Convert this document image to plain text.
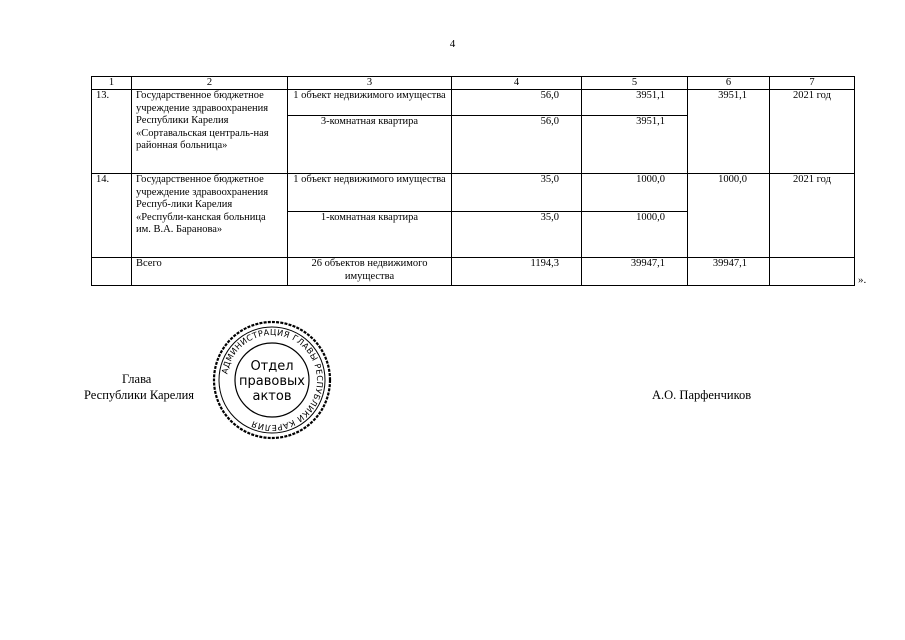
4
1	2	3	4	5	6	7
13.	Государственное бюджетное учреждение здравоохранения Республики Карелия «Сортавальская централь-ная районная больница»	1 объект недвижимого имущества	56,0	3951,1	3951,1	2021 год
		3-комнатная квартира	56,0	3951,1		
14.	Государственное бюджетное учреждение здравоохранения Респуб-лики Карелия «Республи-канская больница им. В.А. Баранова»	1 объект недвижимого имущества	35,0	1000,0	1000,0	2021 год
		1-комнатная квартира	35,0	1000,0		
	Всего	26 объектов недвижимого имущества	1194,3	39947,1	39947,1	
».
Глава
Республики Карелия
АДМИНИСТРАЦИЯ ГЛАВЫ РЕСПУБЛИКИ КАРЕЛИЯ
Отдел
правовых
актов	А.О. Парфенчиков
